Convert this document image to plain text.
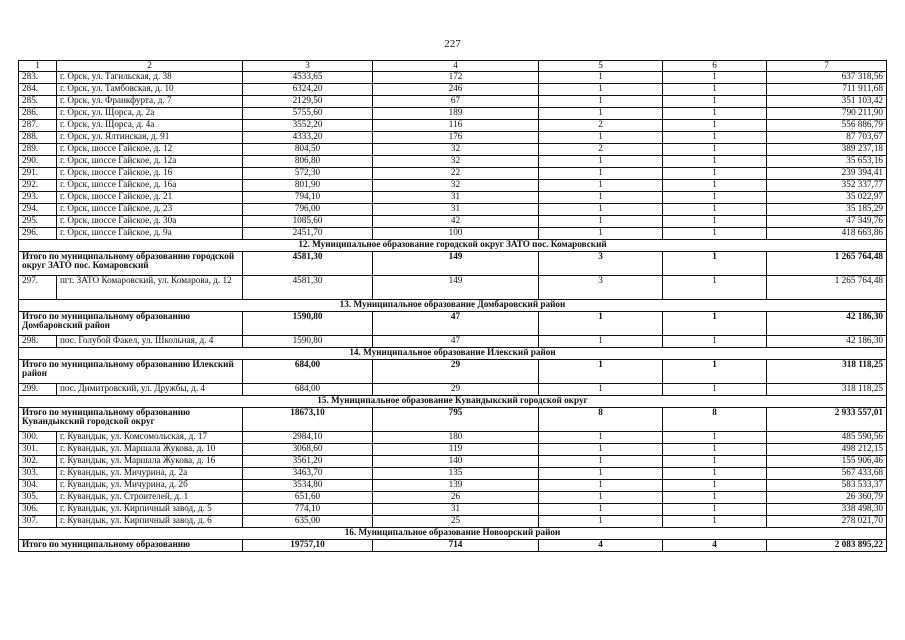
227
1	2	3	4	5	6	7
283.	г. Орск, ул. Тагильская, д. 38	4533,65	172	1	1	637 318,56
284.	г. Орск, ул. Тамбовская, д. 10	6324,20	246	1	1	711 911,68
285.	г. Орск, ул. Франкфурта, д. 7	2129,50	67	1	1	351 103,42
286.	г. Орск, ул. Щорса, д. 2а	5755,60	189	1	1	790 211,90
287.	г. Орск, ул. Щорса, д. 4а	3552,20	116	2	1	556 886,79
288.	г. Орск, ул. Ялтинская, д. 91	4333,20	176	1	1	87 703,67
289.	г. Орск, шоссе Гайское, д. 12	804,50	32	2	1	389 237,18
290.	г. Орск, шоссе Гайское, д. 12а	806,80	32	1	1	35 653,16
291.	г. Орск, шоссе Гайское, д. 16	572,30	22	1	1	239 394,41
292.	г. Орск, шоссе Гайское, д. 16а	801,90	32	1	1	352 337,77
293.	г. Орск, шоссе Гайское, д. 21	794,10	31	1	1	35 022,97
294.	г. Орск, шоссе Гайское, д. 23	796,00	31	1	1	35 185,29
295.	г. Орск, шоссе Гайское, д. 30а	1085,60	42	1	1	47 349,76
296.	г. Орск, шоссе Гайское, д. 9а	2451,70	100	1	1	418 663,86
12. Муниципальное образование городской округ ЗАТО пос. Комаровский						
Итого по муниципальному образованию городской округ ЗАТО пос. Комаровский		4581,30	149	3	1	1 265 764,48
297.	пгт. ЗАТО Комаровский, ул. Комарова, д. 12	4581,30	149	3	1	1 265 764,48
13. Муниципальное образование Домбаровский район						
Итого по муниципальному образованию Домбаровский район		1590,80	47	1	1	42 186,30
298.	пос. Голубой Факел, ул. Школьная, д. 4	1590,80	47	1	1	42 186,30
14. Муниципальное образование Илекский район						
Итого по муниципальному образованию Илекский район		684,00	29	1	1	318 118,25
299.	пос. Димитровский, ул. Дружбы, д. 4	684,00	29	1	1	318 118,25
15. Муниципальное образование Кувандыкский городской округ						
Итого по муниципальному образованию Кувандыкский городской округ		18673,10	795	8	8	2 933 557,01
300.	г. Кувандык, ул. Комсомольская, д. 17	2984,10	180	1	1	485 590,56
301.	г. Кувандык, ул. Маршала Жукова, д. 10	3068,60	119	1	1	498 212,15
302.	г. Кувандык, ул. Маршала Жукова, д. 16	3561,20	140	1	1	155 906,46
303.	г. Кувандык, ул. Мичурина, д. 2а	3463,70	135	1	1	567 433,68
304.	г. Кувандык, ул. Мичурина, д. 2б	3534,80	139	1	1	583 533,37
305.	г. Кувандык, ул. Строителей, д. 1	651,60	26	1	1	26 360,79
306.	г. Кувандык, ул. Кирпичный завод, д. 5	774,10	31	1	1	338 498,30
307.	г. Кувандык, ул. Кирпичный завод, д. 6	635,00	25	1	1	278 021,70
16. Муниципальное образование Новоорский район						
Итого по муниципальному образованию		19757,10	714	4	4	2 083 895,22
